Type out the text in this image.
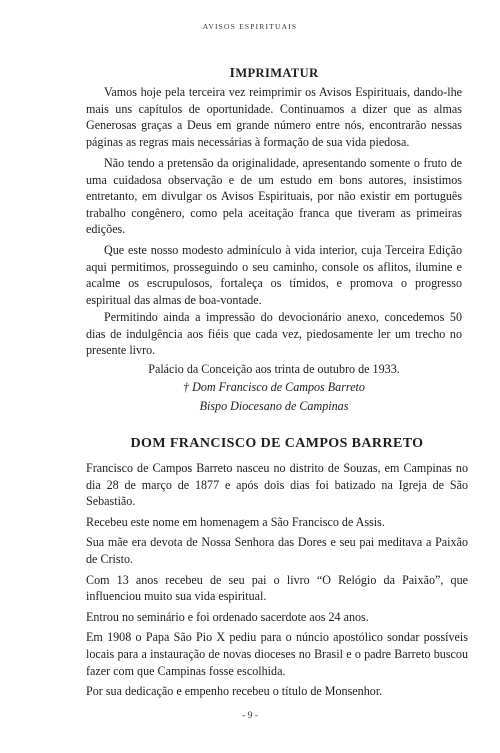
AVISOS ESPIRITUAIS
IMPRIMATUR

Vamos hoje pela terceira vez reimprimir os Avisos Espirituais, dando-lhe mais uns capítulos de oportunidade. Continuamos a dizer que as almas Generosas graças a Deus em grande número entre nós, encontrarão nessas páginas as regras mais necessárias à formação de sua vida piedosa.

Não tendo a pretensão da originalidade, apresentando somente o fruto de uma cuidadosa observação e de um estudo em bons autores, insistimos entretanto, em divulgar os Avisos Espirituais, por não existir em português trabalho congênero, como pela aceitação franca que tiveram as primeiras edições.

Que este nosso modesto adminículo à vida interior, cuja Terceira Edição aqui permitimos, prosseguindo o seu caminho, console os aflitos, ilumine e acalme os escrupulosos, fortaleça os tímidos, e promova o progresso espiritual das almas de boa-vontade.

Permitindo ainda a impressão do devocionário anexo, concedemos 50 dias de indulgência aos fiéis que cada vez, piedosamente ler um trecho no presente livro.

Palácio da Conceição aos trinta de outubro de 1933.
† Dom Francisco de Campos Barreto
Bispo Diocesano de Campinas
DOM FRANCISCO DE CAMPOS BARRETO

Francisco de Campos Barreto nasceu no distrito de Souzas, em Campinas no dia 28 de março de 1877 e após dois dias foi batizado na Igreja de São Sebastião.

Recebeu este nome em homenagem a São Francisco de Assis.

Sua mãe era devota de Nossa Senhora das Dores e seu pai meditava a Paixão de Cristo.

Com 13 anos recebeu de seu pai o livro “O Relógio da Paixão”, que influenciou muito sua vida espiritual.

Entrou no seminário e foi ordenado sacerdote aos 24 anos.

Em 1908 o Papa São Pio X pediu para o núncio apostólico sondar possíveis locais para a instauração de novas dioceses no Brasil e o padre Barreto buscou fazer com que Campinas fosse escolhida.

Por sua dedicação e empenho recebeu o título de Monsenhor.

- 9 -
